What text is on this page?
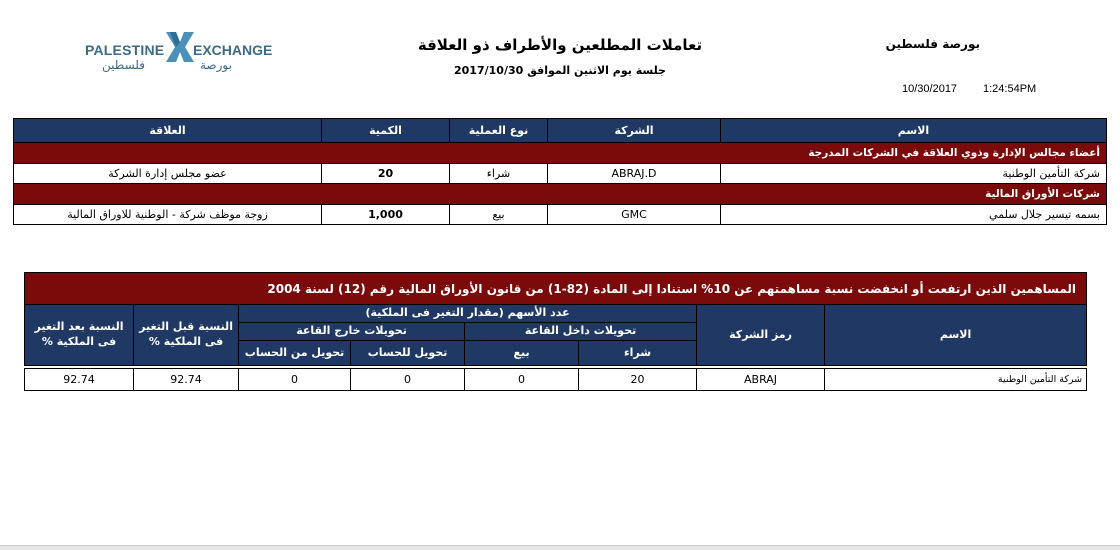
PALESTINE EXCHANGE
فلسطين	بورصة
تعاملات المطلعين والأطراف ذو العلاقة
جلسة يوم الاثنين الموافق 2017/10/30
بورصة فلسطين
10/30/2017 1:24:54PM
الاسم	الشركة	نوع العملية	الكمية	العلاقة
أعضاء مجالس الإدارة وذوي العلاقة في الشركات المدرجة				
شركة التأمين الوطنية	ABRAJ.D	شراء	20	عضو مجلس إدارة الشركة
شركات الأوراق المالية				
بسمه تيسير جلال سلمي	GMC	بيع	1,000	زوجة موظف شركة - الوطنية للاوراق المالية
المساهمين الذين ارتفعت أو انخفضت نسبة مساهمتهم عن 10% استنادا إلى المادة (82-1) من قانون الأوراق المالية رقم (12) لسنة 2004							
الاسم	رمز الشركة	عدد الأسهم (مقدار التغير فى الملكية)				النسبة قبل التغير فى الملكية %	النسبة بعد التغير فى الملكية %
		تحويلات داخل القاعة		تحويلات خارج القاعة			
		شراء	بيع	تحويل للحساب	تحويل من الحساب		

شركة التأمين الوطنية	ABRAJ	20	0	0	0	92.74	92.74
